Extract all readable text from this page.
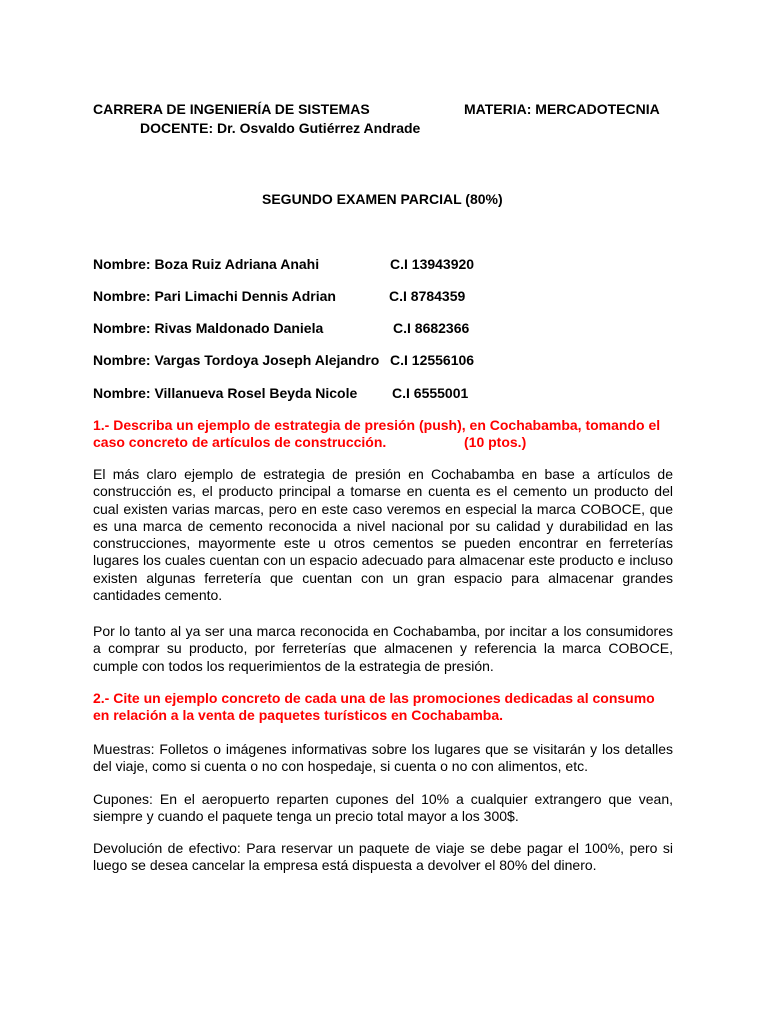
CARRERA DE INGENIERÍA DE SISTEMAS	MATERIA: MERCADOTECNIA
DOCENTE: Dr. Osvaldo Gutiérrez Andrade
SEGUNDO EXAMEN PARCIAL (80%)
Nombre: Boza Ruiz Adriana Anahi	C.I 13943920
Nombre: Pari Limachi Dennis Adrian	C.I 8784359
Nombre: Rivas Maldonado Daniela	C.I 8682366
Nombre: Vargas Tordoya Joseph Alejandro C.I 12556106
Nombre: Villanueva Rosel Beyda Nicole C.I 6555001
1.- Describa un ejemplo de estrategia de presión (push), en Cochabamba, tomando el caso concreto de artículos de construcción.	(10 ptos.)
El más claro ejemplo de estrategia de presión en Cochabamba en base a artículos de construcción es, el producto principal a tomarse en cuenta es el cemento un producto del cual existen varias marcas, pero en este caso veremos en especial la marca COBOCE, que es una marca de cemento reconocida a nivel nacional por su calidad y durabilidad en las construcciones, mayormente este u otros cementos se pueden encontrar en ferreterías lugares los cuales cuentan con un espacio adecuado para almacenar este producto e incluso existen algunas ferretería que cuentan con un gran espacio para almacenar grandes cantidades cemento.
Por lo tanto al ya ser una marca reconocida en Cochabamba, por incitar a los consumidores a comprar su producto, por ferreterías que almacenen y referencia la marca COBOCE, cumple con todos los requerimientos de la estrategia de presión.
2.- Cite un ejemplo concreto de cada una de las promociones dedicadas al consumo en relación a la venta de paquetes turísticos en Cochabamba.
Muestras: Folletos o imágenes informativas sobre los lugares que se visitarán y los detalles del viaje, como si cuenta o no con hospedaje, si cuenta o no con alimentos, etc.
Cupones: En el aeropuerto reparten cupones del 10% a cualquier extrangero que vean, siempre y cuando el paquete tenga un precio total mayor a los 300$.
Devolución de efectivo: Para reservar un paquete de viaje se debe pagar el 100%, pero si luego se desea cancelar la empresa está dispuesta a devolver el 80% del dinero.
